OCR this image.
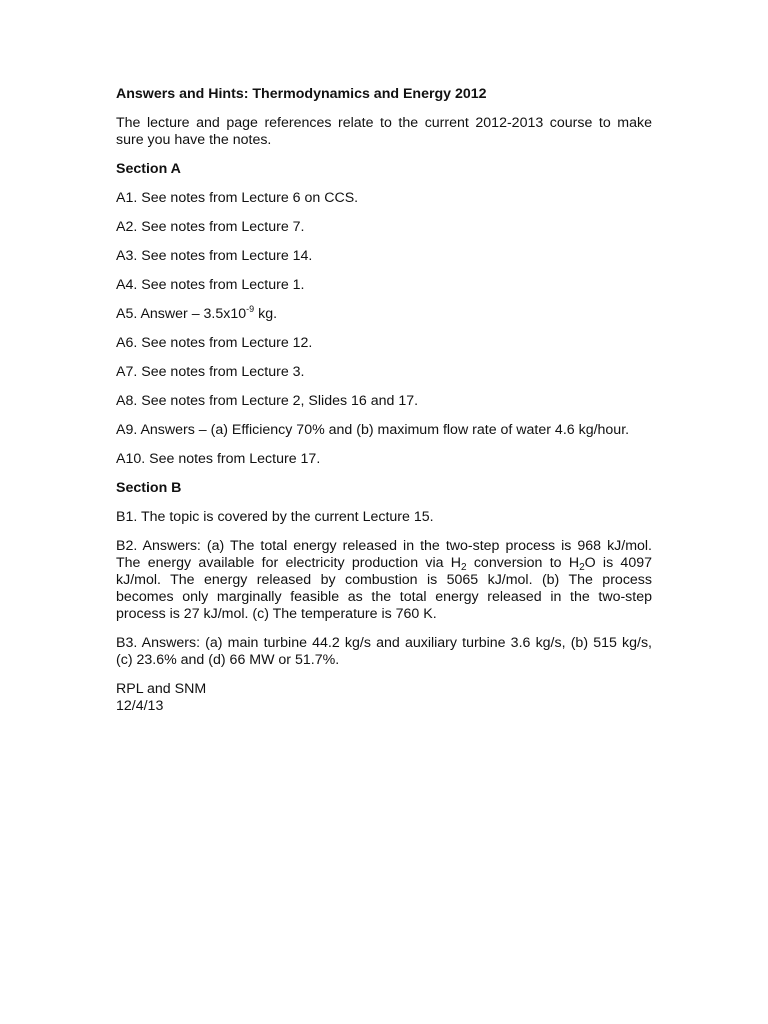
Answers and Hints: Thermodynamics and Energy 2012
The lecture and page references relate to the current 2012-2013 course to make sure you have the notes.
Section A
A1. See notes from Lecture 6 on CCS.
A2. See notes from Lecture 7.
A3. See notes from Lecture 14.
A4. See notes from Lecture 1.
A5. Answer – $3.5x10^{-9}$ kg.
A6. See notes from Lecture 12.
A7. See notes from Lecture 3.
A8. See notes from Lecture 2, Slides 16 and 17.
A9. Answers – (a) Efficiency 70% and (b) maximum flow rate of water 4.6 kg/hour.
A10. See notes from Lecture 17.
Section B
B1. The topic is covered by the current Lecture 15.
B2. Answers: (a) The total energy released in the two-step process is 968 kJ/mol. The energy available for electricity production via $H_2$ conversion to $H_2O$ is 4097 kJ/mol. The energy released by combustion is 5065 kJ/mol. (b) The process becomes only marginally feasible as the total energy released in the two-step process is 27 kJ/mol. (c) The temperature is 760 K.
B3. Answers: (a) main turbine 44.2 kg/s and auxiliary turbine 3.6 kg/s, (b) 515 kg/s, (c) 23.6% and (d) 66 MW or 51.7%.
RPL and SNM
12/4/13
